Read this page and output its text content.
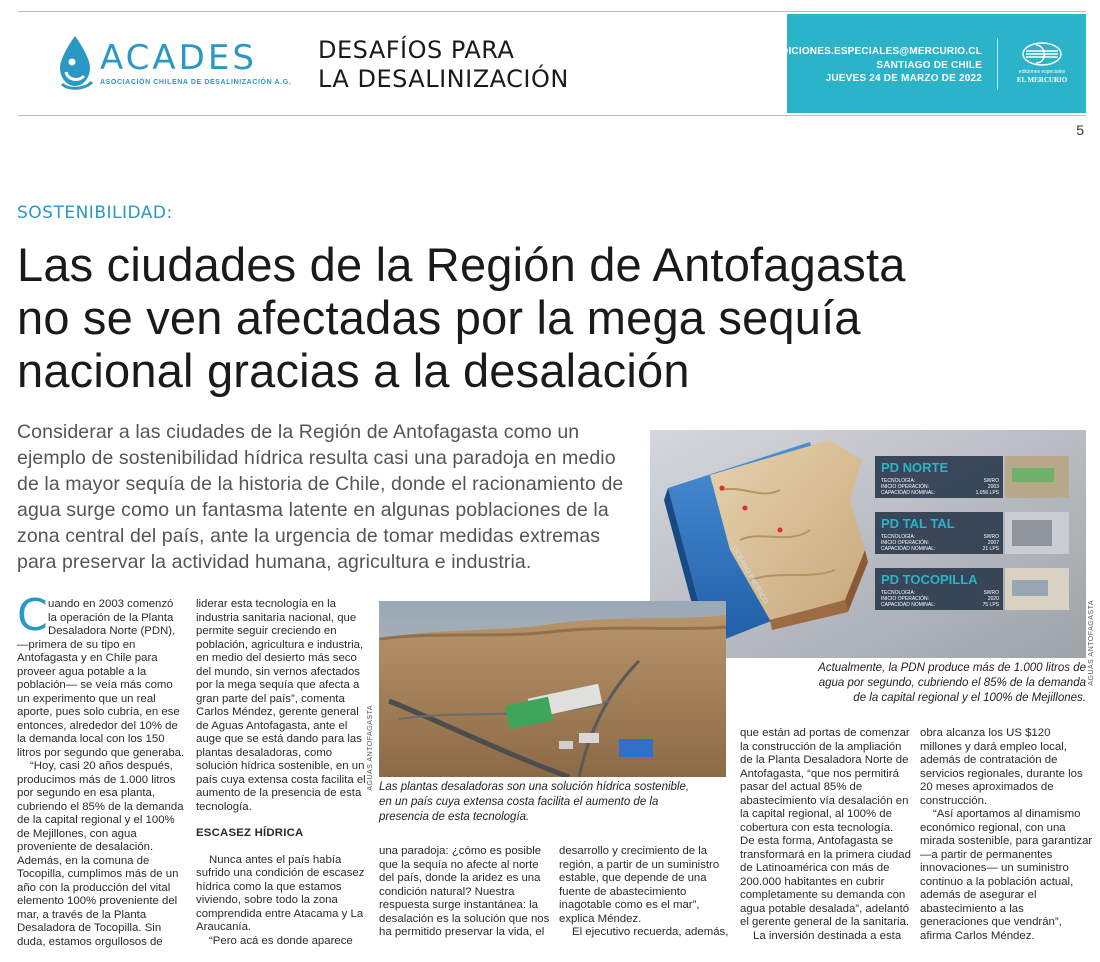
ACADES
ASOCIACIÓN CHILENA DE DESALINIZACIÓN A.G.
DESAFÍOS PARA
LA DESALINIZACIÓN
EDICIONES.ESPECIALES@MERCURIO.CL
SANTIAGO DE CHILE
JUEVES 24 DE MARZO DE 2022
ediciones especiales
EL MERCURIO
5
SOSTENIBILIDAD:
Las ciudades de la Región de Antofagasta
no se ven afectadas por la mega sequía
nacional gracias a la desalación
Considerar a las ciudades de la Región de Antofagasta como un
ejemplo de sostenibilidad hídrica resulta casi una paradoja en medio
de la mayor sequía de la historia de Chile, donde el racionamiento de
agua surge como un fantasma latente en algunas poblaciones de la
zona central del país, ante la urgencia de tomar medidas extremas
para preservar la actividad humana, agricultura e industria.	OCÉANO PACÍFICO
PD NORTE
TECNOLOGÍA:	SWRO
INICIO OPERACIÓN:	2003
CAPACIDAD NOMINAL:	1.056 LPS
PD TAL TAL
TECNOLOGÍA:	SWRO
INICIO OPERACIÓN:	2007
CAPACIDAD NOMINAL:	21 LPS
PD TOCOPILLA
TECNOLOGÍA:	SWRO
INICIO OPERACIÓN:	2020
CAPACIDAD NOMINAL:	75 LPS	AGUAS ANTOFAGASTA
Actualmente, la PDN produce más de 1.000 litros de
agua por segundo, cubriendo el 85% de la demanda
de la capital regional y el 100% de Mejillones.
AGUAS ANTOFAGASTA Las plantas desaladoras son una solución hídrica sostenible,
en un país cuya extensa costa facilita el aumento de la
presencia de esta tecnología.
C uando en 2003 comenzó
la operación de la Planta
Desaladora Norte (PDN),
—primera de su tipo en
Antofagasta y en Chile para
proveer agua potable a la
población— se veía más como
un experimento que un real
aporte, pues solo cubría, en ese
entonces, alrededor del 10% de
la demanda local con los 150
litros por segundo que generaba.
“Hoy, casi 20 años después,
producimos más de 1.000 litros
por segundo en esa planta,
cubriendo el 85% de la demanda
de la capital regional y el 100%
de Mejillones, con agua
proveniente de desalación.
Además, en la comuna de
Tocopilla, cumplimos más de un
año con la producción del vital
elemento 100% proveniente del
mar, a través de la Planta
Desaladora de Tocopilla. Sin
duda, estamos orgullosos de
liderar esta tecnología en la
industria sanitaria nacional, que
permite seguir creciendo en
población, agricultura e industria,
en medio del desierto más seco
del mundo, sin vernos afectados
por la mega sequía que afecta a
gran parte del país”, comenta
Carlos Méndez, gerente general
de Aguas Antofagasta, ante el
auge que se está dando para las
plantas desaladoras, como
solución hídrica sostenible, en un
país cuya extensa costa facilita el
aumento de la presencia de esta
tecnología.
ESCASEZ HÍDRICA
Nunca antes el país había
sufrido una condición de escasez
hídrica como la que estamos
viviendo, sobre todo la zona
comprendida entre Atacama y La
Araucanía.
“Pero acá es donde aparece
una paradoja: ¿cómo es posible
que la sequía no afecte al norte
del país, donde la aridez es una
condición natural? Nuestra
respuesta surge instantánea: la
desalación es la solución que nos
ha permitido preservar la vida, el
desarrollo y crecimiento de la
región, a partir de un suministro
estable, que depende de una
fuente de abastecimiento
inagotable como es el mar”,
explica Méndez.
El ejecutivo recuerda, además,
que están ad portas de comenzar
la construcción de la ampliación
de la Planta Desaladora Norte de
Antofagasta, “que nos permitirá
pasar del actual 85% de
abastecimiento vía desalación en
la capital regional, al 100% de
cobertura con esta tecnología.
De esta forma, Antofagasta se
transformará en la primera ciudad
de Latinoamérica con más de
200.000 habitantes en cubrir
completamente su demanda con
agua potable desalada”, adelantó
el gerente general de la sanitaria.
La inversión destinada a esta
obra alcanza los US $120
millones y dará empleo local,
además de contratación de
servicios regionales, durante los
20 meses aproximados de
construcción.
“Así aportamos al dinamismo
económico regional, con una
mirada sostenible, para garantizar
—a partir de permanentes
innovaciones— un suministro
continuo a la población actual,
además de asegurar el
abastecimiento a las
generaciones que vendrán”,
afirma Carlos Méndez.
